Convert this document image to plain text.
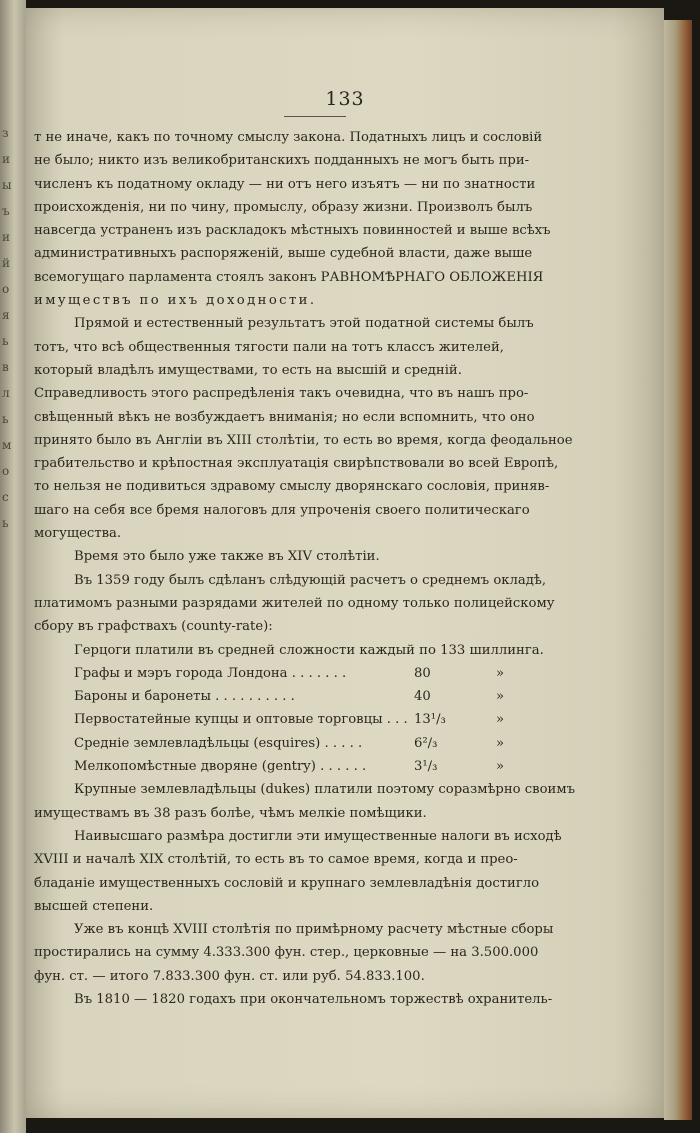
з
и
ы
ъ
и
й
о
я
ь
в
л
ь
м
о
с
ь
133
т не иначе, какъ по точному смыслу закона. Податныхъ лицъ и сословій
не было; никто изъ великобританскихъ подданныхъ не могъ быть при-
численъ къ податному окладу — ни отъ него изъятъ — ни по знатности
происхожденія, ни по чину, промыслу, образу жизни. Произволъ былъ
навсегда устраненъ изъ раскладокъ мѣстныхъ повинностей и выше всѣхъ
административныхъ распоряженій, выше судебной власти, даже выше
всемогущаго парламента стоялъ законъ РАВНОМѢРНАГО ОБЛОЖЕНІЯ
имуществъ по ихъ доходности.
Прямой и естественный результатъ этой податной системы былъ
тотъ, что всѣ общественныя тягости пали на тотъ классъ жителей,
который владѣлъ имуществами, то есть на высшій и средній.
Справедливость этого распредѣленія такъ очевидна, что въ нашъ про-
свѣщенный вѣкъ не возбуждаетъ вниманія; но если вспомнить, что оно
принято было въ Англіи въ XIII столѣтіи, то есть во время, когда феодальное
грабительство и крѣпостная эксплуатація свирѣпствовали во всей Европѣ,
то нельзя не подивиться здравому смыслу дворянскаго сословія, приняв-
шаго на себя все бремя налоговъ для упроченія своего политическаго
могущества.
Время это было уже также въ XIV столѣтіи.
Въ 1359 году былъ сдѣланъ слѣдующій расчетъ о среднемъ окладѣ,
платимомъ разными разрядами жителей по одному только полицейскому
сбору въ графствахъ (county-rate):
Герцоги платили въ средней сложности каждый по 133 шиллинга.
Графы и мэръ города Лондона . . . . . . .	80	»
Бароны и баронеты . . . . . . . . . .	40	»
Первостатейные купцы и оптовые торговцы . . . 13¹/₃	»
Средніе землевладѣльцы (esquires) . . . . .	6²/₃	»
Мелкопомѣстные дворяне (gentry) . . . . . .	3¹/₃	»
Крупные землевладѣльцы (dukes) платили поэтому соразмѣрно своимъ
имуществамъ въ 38 разъ болѣе, чѣмъ мелкіе помѣщики.
Наивысшаго размѣра достигли эти имущественные налоги въ исходѣ
XVIII и началѣ XIX столѣтій, то есть въ то самое время, когда и прео-
бладаніе имущественныхъ сословій и крупнаго землевладѣнія достигло
высшей степени.
Уже въ концѣ XVIII столѣтія по примѣрному расчету мѣстные сборы
простирались на сумму 4.333.300 фун. стер., церковные — на 3.500.000
фун. ст. — итого 7.833.300 фун. ст. или руб. 54.833.100.
Въ 1810 — 1820 годахъ при окончательномъ торжествѣ охранитель-
